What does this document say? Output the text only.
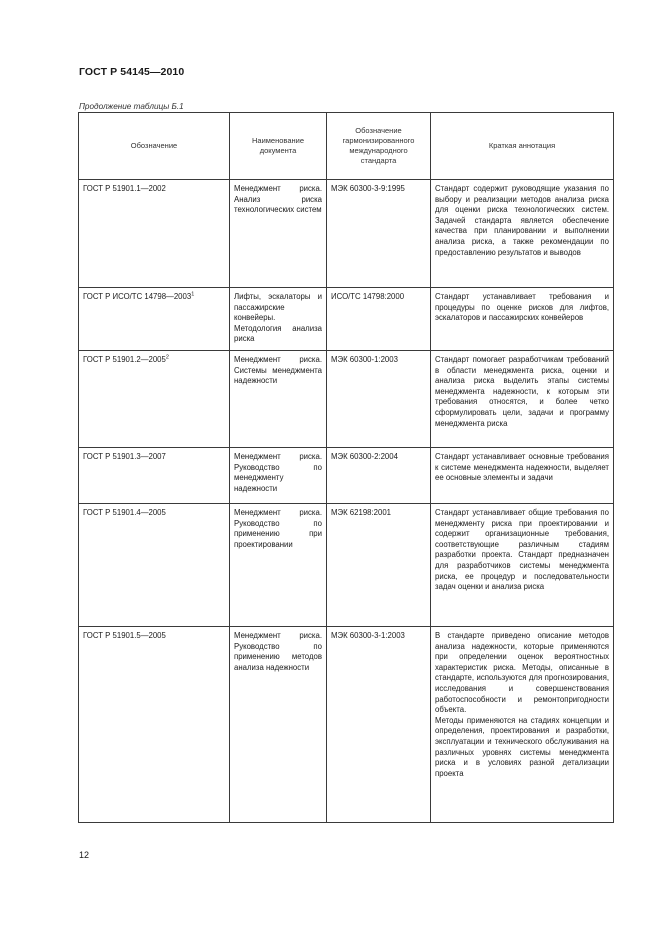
ГОСТ Р 54145—2010
Продолжение таблицы Б.1
Обозначение	Наименование документа	Обозначение гармонизированного международного стандарта	Краткая аннотация
ГОСТ Р 51901.1—2002	Менеджмент риска. Анализ риска технологических систем	МЭК 60300-3-9:1995	Стандарт содержит руководящие указания по выбору и реализации методов анализа риска для оценки риска технологических систем. Задачей стандарта является обеспечение качества при планировании и выполнении анализа риска, а также рекомендации по предоставлению результатов и выводов
ГОСТ Р ИСО/ТС 14798—2003$^1$	Лифты, эскалаторы и пассажирские конвейеры. Методология анализа риска	ИСО/ТС 14798:2000	Стандарт устанавливает требования и процедуры по оценке рисков для лифтов, эскалаторов и пассажирских конвейеров
ГОСТ Р 51901.2—2005$^2$	Менеджмент риска. Системы менеджмента надежности	МЭК 60300-1:2003	Стандарт помогает разработчикам требований в области менеджмента риска, оценки и анализа риска выделить этапы системы менеджмента надежности, к которым эти требования относятся, и более четко сформулировать цели, задачи и программу менеджмента риска
ГОСТ Р 51901.3—2007	Менеджмент риска. Руководство по менеджменту надежности	МЭК 60300-2:2004	Стандарт устанавливает основные требования к системе менеджмента надежности, выделяет ее основные элементы и задачи
ГОСТ Р 51901.4—2005	Менеджмент риска. Руководство по применению при проектировании	МЭК 62198:2001	Стандарт устанавливает общие требования по менеджменту риска при проектировании и содержит организационные требования, соответствующие различным стадиям разработки проекта. Стандарт предназначен для разработчиков системы менеджмента риска, ее процедур и последовательности задач оценки и анализа риска
ГОСТ Р 51901.5—2005	Менеджмент риска. Руководство по применению методов анализа надежности	МЭК 60300-3-1:2003	В стандарте приведено описание методов анализа надежности, которые применяются при определении оценок вероятностных характеристик риска. Методы, описанные в стандарте, используются для прогнозирования, исследования и совершенствования работоспособности и ремонтопригодности объекта.
Методы применяются на стадиях концепции и определения, проектирования и разработки, эксплуатации и технического обслуживания на различных уровнях системы менеджмента риска и в условиях разной детализации проекта
12
